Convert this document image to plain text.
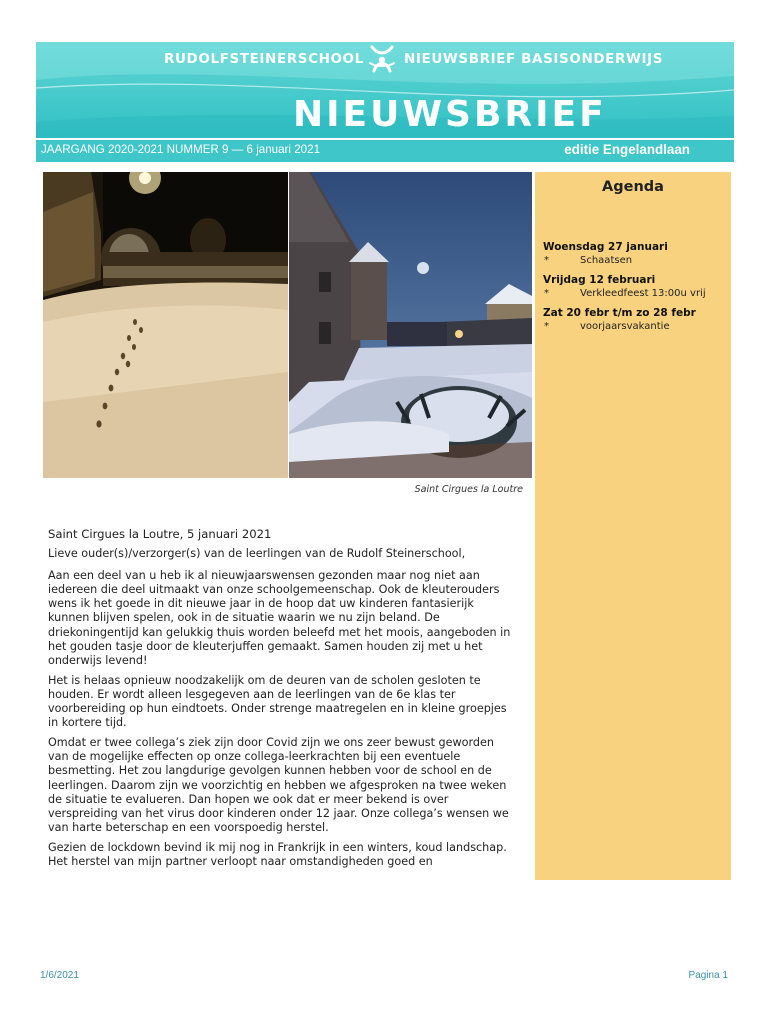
RUDOLFSTEINERSCHOOL	NIEUWSBRIEF BASISONDERWIJS
NIEUWSBRIEF
JAARGANG 2020-2021 NUMMER 9 — 6 januari 2021	editie Engelandlaan
Saint Cirgues la Loutre
Agenda
Woensdag 27 januari
*	Schaatsen
Vrijdag 12 februari
*	Verkleedfeest 13:00u vrij
Zat 20 febr t/m zo 28 febr
*	voorjaarsvakantie

Saint Cirgues la Loutre, 5 januari 2021

Lieve ouder(s)/verzorger(s) van de leerlingen van de Rudolf Steinerschool,

Aan een deel van u heb ik al nieuwjaarswensen gezonden maar nog niet aan iedereen die deel uitmaakt van onze schoolgemeenschap. Ook de kleuterouders wens ik het goede in dit nieuwe jaar in de hoop dat uw kinderen fantasierijk kunnen blijven spelen, ook in de situatie waarin we nu zijn beland. De driekoningentijd kan gelukkig thuis worden beleefd met het moois, aangeboden in het gouden tasje door de kleuterjuffen gemaakt. Samen houden zij met u het onderwijs levend!

Het is helaas opnieuw noodzakelijk om de deuren van de scholen gesloten te houden. Er wordt alleen lesgegeven aan de leerlingen van de 6e klas ter voorbereiding op hun eindtoets. Onder strenge maatregelen en in kleine groepjes in kortere tijd.

Omdat er twee collega’s ziek zijn door Covid zijn we ons zeer bewust geworden van de mogelijke effecten op onze collega-leerkrachten bij een eventuele besmetting. Het zou langdurige gevolgen kunnen hebben voor de school en de leerlingen. Daarom zijn we voorzichtig en hebben we afgesproken na twee weken de situatie te evalueren. Dan hopen we ook dat er meer bekend is over verspreiding van het virus door kinderen onder 12 jaar. Onze collega’s wensen we van harte beterschap en een voorspoedig herstel.

Gezien de lockdown bevind ik mij nog in Frankrijk in een winters, koud landschap. Het herstel van mijn partner verloopt naar omstandigheden goed en

1/6/2021	Pagina 1
